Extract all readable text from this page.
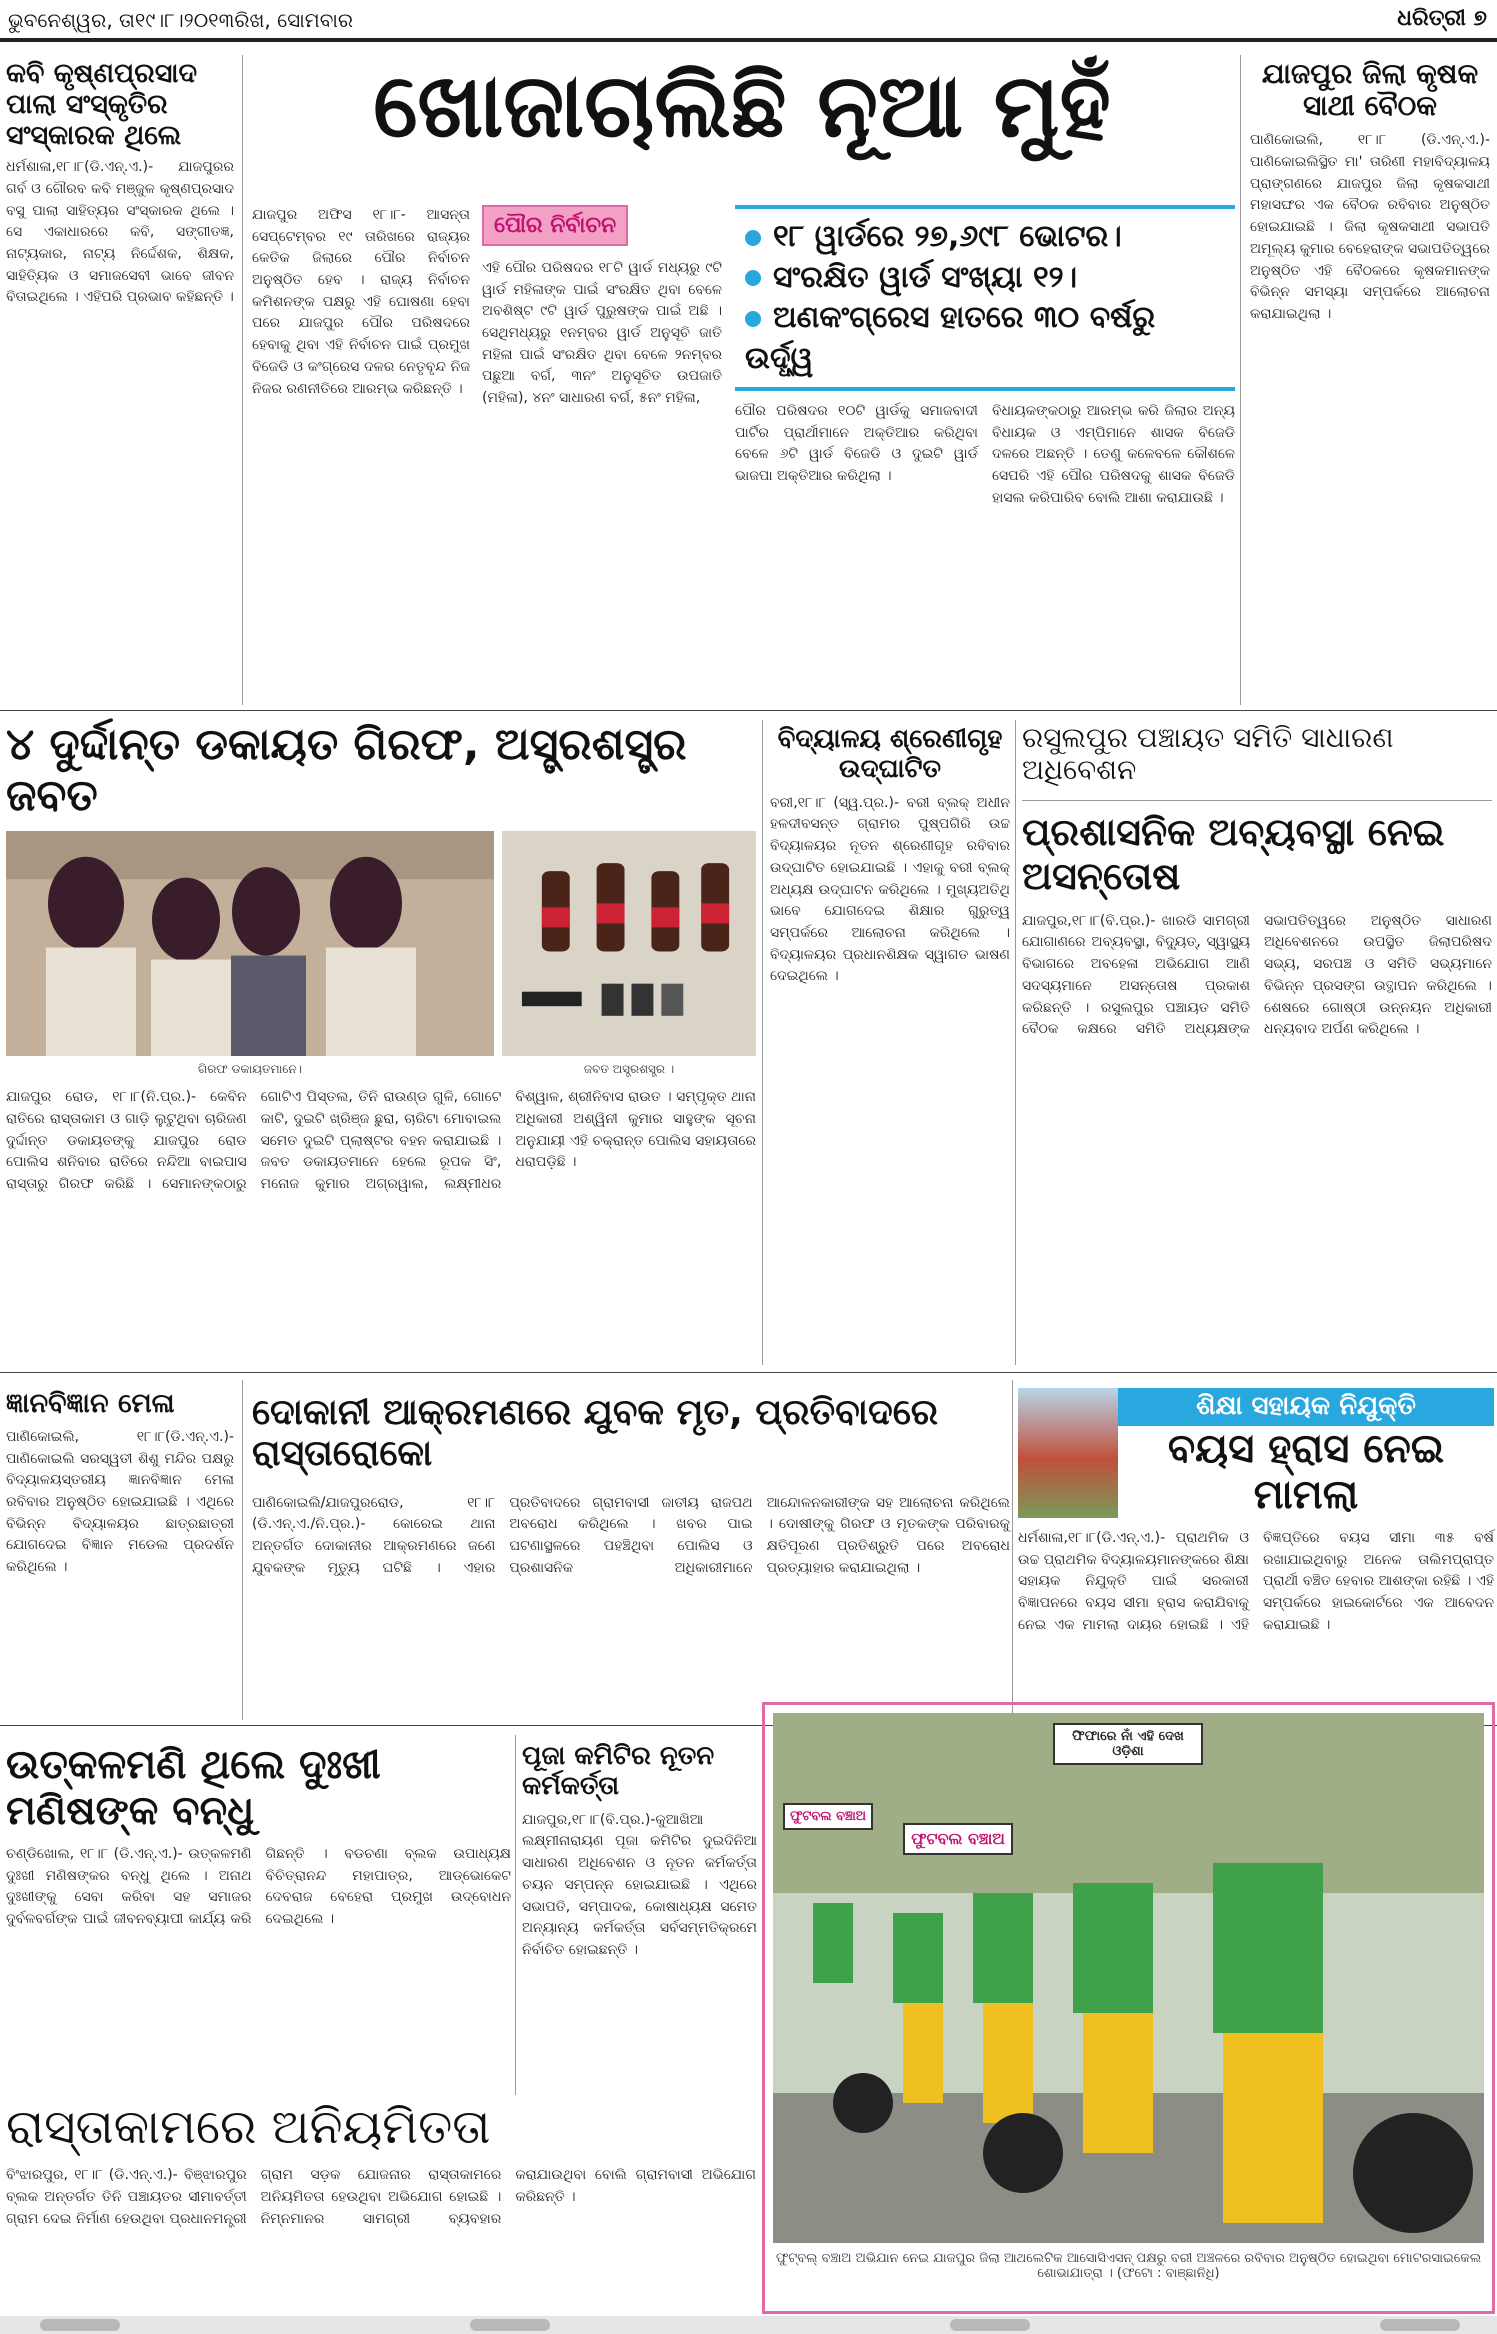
ଭୁବନେଶ୍ୱର, ତା୧୯।୮।୨୦୧୩ରିଖ, ସୋମବାର	ଧରିତ୍ରୀ ୭
କବି କୃଷ୍ଣପ୍ରସାଦ ପାଲା ସଂସ୍କୃତିର ସଂସ୍କାରକ ଥିଲେ
ଧର୍ମଶାଳା,୧୮।୮(ଡି.ଏନ୍.ଏ.)- ଯାଜପୁରର ଗର୍ବ ଓ ଗୌରବ କବି ମଞ୍ଜୁଳ କୃଷ୍ଣପ୍ରସାଦ ବସୁ ପାଲା ସାହିତ୍ୟର ସଂସ୍କାରକ ଥିଲେ । ସେ ଏକାଧାରରେ କବି, ସଙ୍ଗୀତଜ୍ଞ, ନାଟ୍ୟକାର, ନାଟ୍ୟ ନିର୍ଦ୍ଦେଶକ, ଶିକ୍ଷକ, ସାହିତ୍ୟିକ ଓ ସମାଜସେବୀ ଭାବେ ଜୀବନ ବିତାଇଥିଲେ । ଏହିପରି ପ୍ରଭାବ କହିଛନ୍ତି ।
ଖୋଜାଚାଲିଛି ନୂଆ ମୁହଁ
ଯାଜପୁର ଅଫିସ ୧୮।୮- ଆସନ୍ତା ସେପ୍ଟେମ୍ବର ୧୯ ତାରିଖରେ ରାଜ୍ୟର କେତିକ ଜିଲାରେ ପୌର ନିର୍ବାଚନ ଅନୁଷ୍ଠିତ ହେବ । ରାଜ୍ୟ ନିର୍ବାଚନ କମିଶନଙ୍କ ପକ୍ଷରୁ ଏହି ଘୋଷଣା ହେବା ପରେ ଯାଜପୁର ପୌର ପରିଷଦରେ ହେବାକୁ ଥିବା ଏହି ନିର୍ବାଚନ ପାଇଁ ପ୍ରମୁଖ ବିଜେଡି ଓ କଂଗ୍ରେସ ଦଳର ନେତୃବୃନ୍ଦ ନିଜ ନିଜର ରଣନୀତିରେ ଆରମ୍ଭ କରିଛନ୍ତି ।
ପୌର ନିର୍ବାଚନ
ଏହି ପୌର ପରିଷଦର ୧୮ଟି ୱାର୍ଡ ମଧ୍ୟରୁ ୯ଟି ୱାର୍ଡ ମହିଳାଙ୍କ ପାଇଁ ସଂରକ୍ଷିତ ଥିବା ବେଳେ ଅବଶିଷ୍ଟ ୯ଟି ୱାର୍ଡ ପୁରୁଷଙ୍କ ପାଇଁ ଅଛି । ସେଥିମଧ୍ୟରୁ ୧ନମ୍ବର ୱାର୍ଡ ଅନୁସୂଚି ଜାତି ମହିଳା ପାଇଁ ସଂରକ୍ଷିତ ଥିବା ବେଳେ ୨ନମ୍ବର ପଛୁଆ ବର୍ଗ, ୩ନଂ ଅନୁସୂଚିତ ଉପଜାତି (ମହିଳା), ୪ନଂ ସାଧାରଣ ବର୍ଗ, ୫ନଂ ମହିଳା,
୧୮ ୱାର୍ଡରେ ୨୭,୬୯୮ ଭୋଟର।
ସଂରକ୍ଷିତ ୱାର୍ଡ ସଂଖ୍ୟା ୧୨।
ଅଣକଂଗ୍ରେସ ହାତରେ ୩୦ ବର୍ଷରୁ ଉର୍ଦ୍ଧ୍ୱ
ପୌର ପରିଷଦର ୧୦ଟି ୱାର୍ଡକୁ ସମାଜବାଦୀ ପାର୍ଟିର ପ୍ରାର୍ଥୀମାନେ ଅକ୍ତିଆର କରିଥିବା ବେଳେ ୬ଟି ୱାର୍ଡ ବିଜେଡି ଓ ଦୁଇଟି ୱାର୍ଡ ଭାଜପା ଅକ୍ତିଆର କରିଥିଲା ।
ବିଧାୟକଙ୍କଠାରୁ ଆରମ୍ଭ କରି ଜିଲାର ଅନ୍ୟ ବିଧାୟକ ଓ ଏମ୍‌ପିମାନେ ଶାସକ ବିଜେଡି ଦଳରେ ଅଛନ୍ତି । ତେଣୁ କଳେବଳେ କୌଶଳେ ସେପରି ଏହି ପୌର ପରିଷଦକୁ ଶାସକ ବିଜେଡି ହାସଲ କରିପାରିବ ବୋଲି ଆଶା କରାଯାଉଛି ।
ଯାଜପୁର ଜିଲା କୃଷକ ସାଥୀ ବୈଠକ
ପାଣିକୋଇଲି, ୧୮।୮ (ଡି.ଏନ୍.ଏ.)- ପାଣିକୋଇଲିସ୍ଥିତ ମା' ତାରିଣୀ ମହାବିଦ୍ୟାଳୟ ପ୍ରାଙ୍ଗଣରେ ଯାଜପୁର ଜିଲା କୃଷକସାଥୀ ମହାସଙ୍ଘର ଏକ ବୈଠକ ରବିବାର ଅନୁଷ୍ଠିତ ହୋଇଯାଇଛି । ଜିଲା କୃଷକସାଥୀ ସଭାପତି ଅମୂଲ୍ୟ କୁମାର ବେହେରାଙ୍କ ସଭାପତିତ୍ୱରେ ଅନୁଷ୍ଠିତ ଏହି ବୈଠକରେ କୃଷକମାନଙ୍କ ବିଭିନ୍ନ ସମସ୍ୟା ସମ୍ପର୍କରେ ଆଲୋଚନା କରାଯାଇଥିଲା ।
୪ ଦୁର୍ଦ୍ଦାନ୍ତ ଡକାୟତ ଗିରଫ, ଅସ୍ତ୍ରଶସ୍ତ୍ର ଜବତ
ଗିରଫ ଡକାୟତମାନେ।	ଜବତ ଅସ୍ତ୍ରଶସ୍ତ୍ର ।
ଯାଜପୁର ରୋଡ, ୧୮।୮(ନି.ପ୍ର.)- କେବିନ ରାତିରେ ରାସ୍ତାକାମ ଓ ଗାଡ଼ି ଲୁଟୁଥିବା ଚାରିଜଣ ଦୁର୍ଦ୍ଦାନ୍ତ ଡକାୟତଙ୍କୁ ଯାଜପୁର ରୋଡ ପୋଲିସ ଶନିବାର ରାତିରେ ନନ୍ଦିଆ ବାଇପାସ ରାସ୍ତାରୁ ଗିରଫ କରିଛି । ସେମାନଙ୍କଠାରୁ ଗୋଟିଏ ପିସ୍ତଲ, ତିନି ରାଉଣ୍ଡ ଗୁଳି, ଗୋଟେ କାଟି, ଦୁଇଟି ଖ୍ରିଞ୍ଜ ଛୁରା, ଚାରିଟା ମୋବାଇଲ ସମେତ ଦୁଇଟି ପ୍ଲାଷ୍ଟର ବହନ କରାଯାଇଛି । ଜବତ ଡକାୟତମାନେ ହେଲେ ରୂପକ ସିଂ, ମନୋଜ କୁମାର ଅଗ୍ରୱାଲ, ଲକ୍ଷ୍ମୀଧର ବିଶ୍ୱାଳ, ଶ୍ରୀନିବାସ ରାଉତ । ସମ୍ପୃକ୍ତ ଥାନା ଅଧିକାରୀ ଅଶ୍ୱିନୀ କୁମାର ସାହୁଙ୍କ ସୂଚନା ଅନୁଯାୟୀ ଏହି ଚକ୍ରାନ୍ତ ପୋଲିସ ସହାୟତାରେ ଧରାପଡ଼ିଛି ।
ବିଦ୍ୟାଳୟ ଶ୍ରେଣୀଗୃହ ଉଦ୍‌ଘାଟିତ
ବରୀ,୧୮।୮ (ସ୍ୱ.ପ୍ର.)- ବରୀ ବ୍ଲକ୍ ଅଧୀନ ହଳଦୀବସନ୍ତ ଗ୍ରାମର ପୁଷ୍ପଗିରି ଉଚ୍ଚ ବିଦ୍ୟାଳୟର ନୂତନ ଶ୍ରେଣୀଗୃହ ରବିବାର ଉଦ୍‌ଘାଟିତ ହୋଇଯାଇଛି । ଏହାକୁ ବରୀ ବ୍ଲକ୍ ଅଧ୍ୟକ୍ଷ ଉଦ୍‌ଘାଟନ କରିଥିଲେ । ମୁଖ୍ୟଅତିଥି ଭାବେ ଯୋଗଦେଇ ଶିକ୍ଷାର ଗୁରୁତ୍ୱ ସମ୍ପର୍କରେ ଆଲୋଚନା କରିଥିଲେ । ବିଦ୍ୟାଳୟର ପ୍ରଧାନଶିକ୍ଷକ ସ୍ୱାଗତ ଭାଷଣ ଦେଇଥିଲେ ।
ରସୁଲପୁର ପଞ୍ଚାୟତ ସମିତି ସାଧାରଣ ଅଧିବେଶନ
ପ୍ରଶାସନିକ ଅବ୍ୟବସ୍ଥା ନେଇ ଅସନ୍ତୋଷ
ଯାଜପୁର,୧୮।୮(ବି.ପ୍ର.)- ଖାରଡି ସାମଗ୍ରୀ ଯୋଗାଣରେ ଅବ୍ୟବସ୍ଥା, ବିଦ୍ୟୁତ୍, ସ୍ୱାସ୍ଥ୍ୟ ବିଭାଗରେ ଅବହେଳା ଅଭିଯୋଗ ଆଣି ସଦସ୍ୟମାନେ ଅସନ୍ତୋଷ ପ୍ରକାଶ କରିଛନ୍ତି । ରସୁଲପୁର ପଞ୍ଚାୟତ ସମିତି ବୈଠକ କକ୍ଷରେ ସମିତି ଅଧ୍ୟକ୍ଷଙ୍କ ସଭାପତିତ୍ୱରେ ଅନୁଷ୍ଠିତ ସାଧାରଣ ଅଧିବେଶନରେ ଉପସ୍ଥିତ ଜିଲାପରିଷଦ ସଭ୍ୟ, ସରପଞ୍ଚ ଓ ସମିତି ସଭ୍ୟମାନେ ବିଭିନ୍ନ ପ୍ରସଙ୍ଗ ଉତ୍ଥାପନ କରିଥିଲେ । ଶେଷରେ ଗୋଷ୍ଠୀ ଉନ୍ନୟନ ଅଧିକାରୀ ଧନ୍ୟବାଦ ଅର୍ପଣ କରିଥିଲେ ।
ଜ୍ଞାନବିଜ୍ଞାନ ମେଳା
ପାଣିକୋଇଲି, ୧୮।୮(ଡି.ଏନ୍.ଏ.)- ପାଣିକୋଇଲି ସରସ୍ୱତୀ ଶିଶୁ ମନ୍ଦିର ପକ୍ଷରୁ ବିଦ୍ୟାଳୟସ୍ତରୀୟ ଜ୍ଞାନବିଜ୍ଞାନ ମେଳା ରବିବାର ଅନୁଷ୍ଠିତ ହୋଇଯାଇଛି । ଏଥିରେ ବିଭିନ୍ନ ବିଦ୍ୟାଳୟର ଛାତ୍ରଛାତ୍ରୀ ଯୋଗଦେଇ ବିଜ୍ଞାନ ମଡେଲ ପ୍ରଦର୍ଶନ କରିଥିଲେ ।
ଦୋକାନୀ ଆକ୍ରମଣରେ ଯୁବକ ମୃତ, ପ୍ରତିବାଦରେ ରାସ୍ତାରୋକୋ
ପାଣିକୋଇଲି/ଯାଜପୁରରୋଡ, ୧୮।୮ (ଡି.ଏନ୍.ଏ./ନି.ପ୍ର.)- କୋରେଇ ଥାନା ଅନ୍ତର୍ଗତ ଦୋକାନୀର ଆକ୍ରମଣରେ ଜଣେ ଯୁବକଙ୍କ ମୃତ୍ୟୁ ଘଟିଛି । ଏହାର ପ୍ରତିବାଦରେ ଗ୍ରାମବାସୀ ଜାତୀୟ ରାଜପଥ ଅବରୋଧ କରିଥିଲେ । ଖବର ପାଇ ଘଟଣାସ୍ଥଳରେ ପହଞ୍ଚିଥିବା ପୋଲିସ ଓ ପ୍ରଶାସନିକ ଅଧିକାରୀମାନେ ଆନ୍ଦୋଳନକାରୀଙ୍କ ସହ ଆଲୋଚନା କରିଥିଲେ । ଦୋଷୀଙ୍କୁ ଗିରଫ ଓ ମୃତକଙ୍କ ପରିବାରକୁ କ୍ଷତିପୂରଣ ପ୍ରତିଶ୍ରୁତି ପରେ ଅବରୋଧ ପ୍ରତ୍ୟାହାର କରାଯାଇଥିଲା ।
ଶିକ୍ଷା ସହାୟକ ନିଯୁକ୍ତି
ବୟସ ହ୍ରାସ ନେଇ ମାମଲା
ଧର୍ମଶାଳା,୧୮।୮(ଡି.ଏନ୍.ଏ.)- ପ୍ରାଥମିକ ଓ ଉଚ୍ଚ ପ୍ରାଥମିକ ବିଦ୍ୟାଳୟମାନଙ୍କରେ ଶିକ୍ଷା ସହାୟକ ନିଯୁକ୍ତି ପାଇଁ ସରକାରୀ ବିଜ୍ଞାପନରେ ବୟସ ସୀମା ହ୍ରାସ କରାଯିବାକୁ ନେଇ ଏକ ମାମଲା ଦାୟର ହୋଇଛି । ଏହି ବିଜ୍ଞପ୍ତିରେ ବୟସ ସୀମା ୩୫ ବର୍ଷ ରଖାଯାଇଥିବାରୁ ଅନେକ ତାଲିମପ୍ରାପ୍ତ ପ୍ରାର୍ଥୀ ବଞ୍ଚିତ ହେବାର ଆଶଙ୍କା ରହିଛି । ଏହି ସମ୍ପର୍କରେ ହାଇକୋର୍ଟରେ ଏକ ଆବେଦନ କରାଯାଇଛି ।
ଉତ୍କଳମଣି ଥିଲେ ଦୁଃଖୀ ମଣିଷଙ୍କ ବନ୍ଧୁ
ଚଣ୍ଡିଖୋଲ, ୧୮।୮ (ଡି.ଏନ୍.ଏ.)- ଉତ୍କଳମଣି ଦୁଃଖୀ ମଣିଷଙ୍କର ବନ୍ଧୁ ଥିଲେ । ଅନାଥ ଦୁଃଖୀଙ୍କୁ ସେବା କରିବା ସହ ସମାଜର ଦୁର୍ବଳବର୍ଗଙ୍କ ପାଇଁ ଜୀବନବ୍ୟାପୀ କାର୍ଯ୍ୟ କରି ଗିଛନ୍ତି । ବଡଚଣା ବ୍ଲକ ଉପାଧ୍ୟକ୍ଷ ବିଚିତ୍ରାନନ୍ଦ ମହାପାତ୍ର, ଆଡ୍‌ଭୋକେଟ ଦେବରାଜ ବେହେରା ପ୍ରମୁଖ ଉଦ୍‌ବୋଧନ ଦେଇଥିଲେ ।
ରାସ୍ତାକାମରେ ଅନିୟମିତତା
ବିଂଝାରପୁର, ୧୮।୮ (ଡି.ଏନ୍.ଏ.)- ବିଞ୍ଝାରପୁର ବ୍ଲକ ଅନ୍ତର୍ଗତ ତିନି ପଞ୍ଚାୟତର ସୀମାବର୍ତ୍ତୀ ଗ୍ରାମ ଦେଇ ନିର୍ମାଣ ହେଉଥିବା ପ୍ରଧାନମନ୍ତ୍ରୀ ଗ୍ରାମ ସଡ଼କ ଯୋଜନାର ରାସ୍ତାକାମରେ ଅନିୟମିତତା ହେଉଥିବା ଅଭିଯୋଗ ହୋଇଛି । ନିମ୍ନମାନର ସାମଗ୍ରୀ ବ୍ୟବହାର କରାଯାଉଥିବା ବୋଲି ଗ୍ରାମବାସୀ ଅଭିଯୋଗ କରିଛନ୍ତି ।
ପୂଜା କମିଟିର ନୂତନ କର୍ମକର୍ତ୍ତା
ଯାଜପୁର,୧୮।୮(ବି.ପ୍ର.)-କୁଆଖିଆ ଲକ୍ଷ୍ମୀନାରାୟଣ ପୂଜା କମିଟିର ଦୁଇଦିନିଆ ସାଧାରଣ ଅଧିବେଶନ ଓ ନୂତନ କର୍ମକର୍ତ୍ତା ଚୟନ ସମ୍ପନ୍ନ ହୋଇଯାଇଛି । ଏଥିରେ ସଭାପତି, ସମ୍ପାଦକ, କୋଷାଧ୍ୟକ୍ଷ ସମେତ ଅନ୍ୟାନ୍ୟ କର୍ମକର୍ତ୍ତା ସର୍ବସମ୍ମତିକ୍ରମେ ନିର୍ବାଚିତ ହୋଇଛନ୍ତି ।
ଫୁଟବଲ ବଞ୍ଚାଅ
ଫୁଟବଲ ବଞ୍ଚାଅ
ଫିଫାରେ ନାଁ ଏହି ଦେଖ ଓଡ଼ିଶା
ଫୁଟ୍‌ବଲ୍ ବଞ୍ଚାଅ ଅଭିଯାନ ନେଇ ଯାଜପୁର ଜିଲା ଆଥଲେଟିକ ଆସୋସିଏସନ୍ ପକ୍ଷରୁ ବରୀ ଅଞ୍ଚଳରେ ରବିବାର ଅନୁଷ୍ଠିତ ହୋଇଥିବା ମୋଟରସାଇକେଲ ଶୋଭାଯାତ୍ରା । (ଫଟୋ : ବାଞ୍ଛାନିଧି)
